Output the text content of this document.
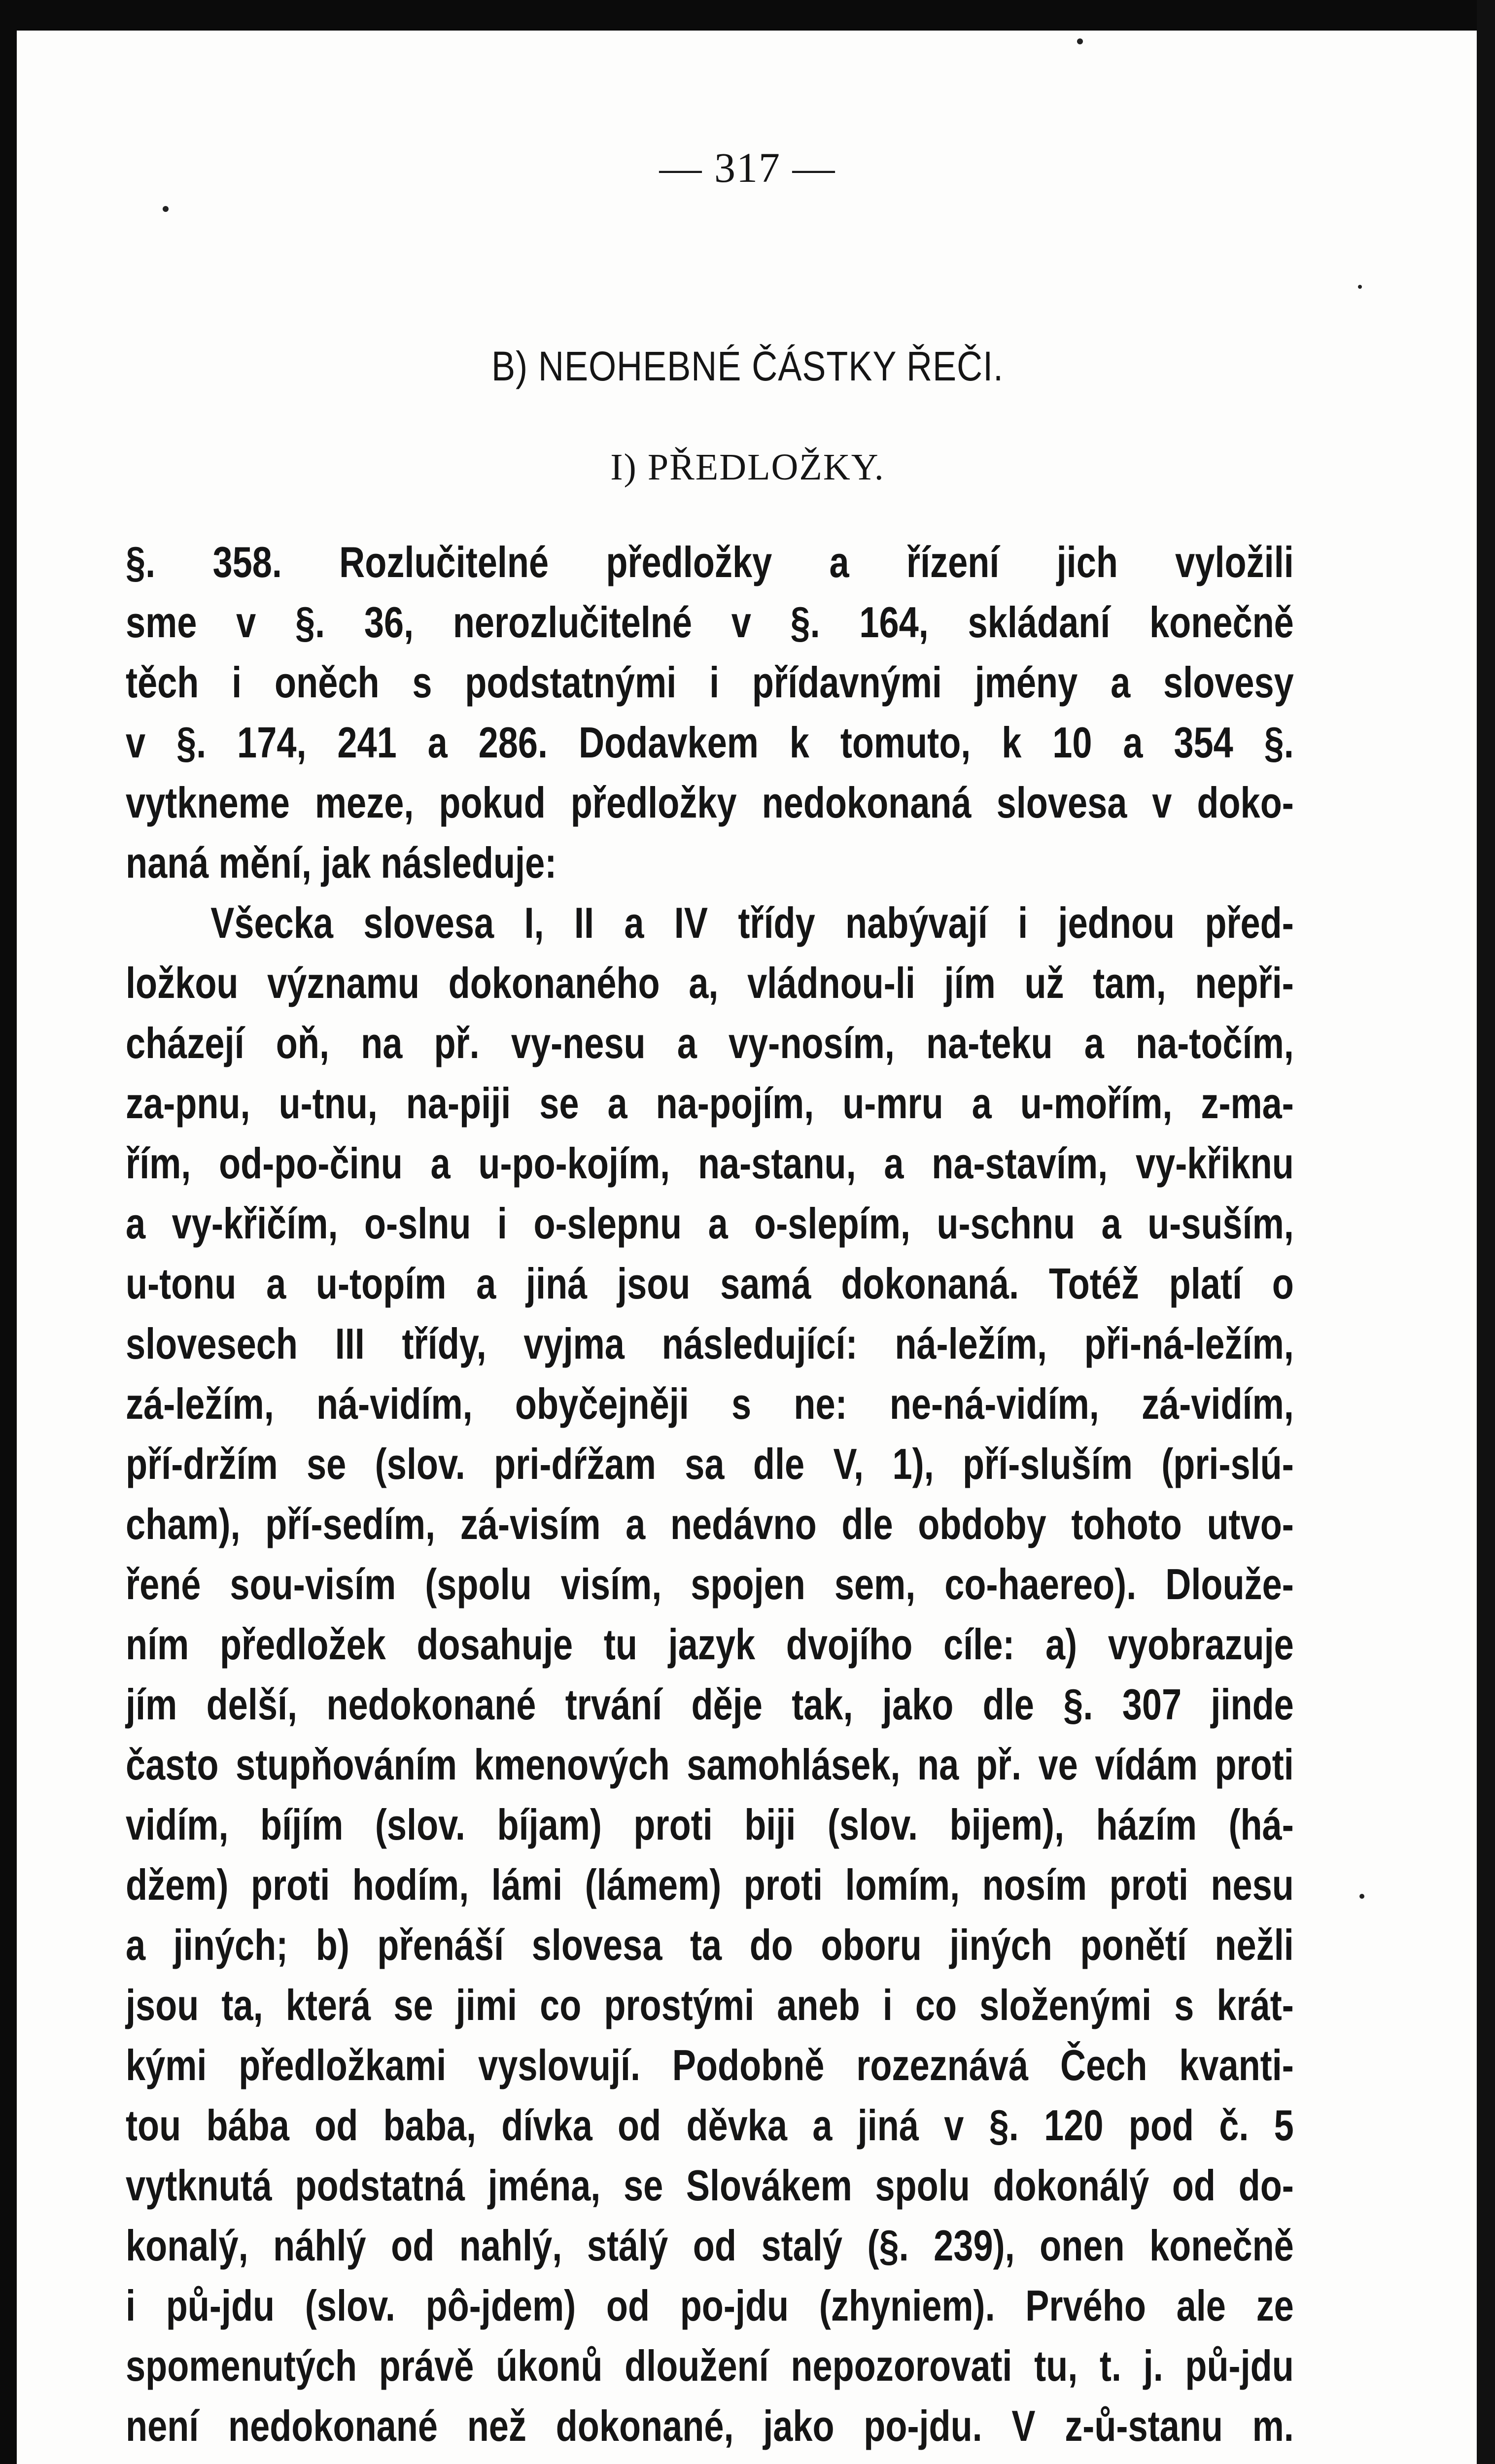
— 317 —
B) NEOHEBNÉ ČÁSTKY ŘEČI.
I) PŘEDLOŽKY.
§. 358. Rozlučitelné předložky a řízení jich vyložili
sme v §. 36, nerozlučitelné v §. 164, skládaní konečně
těch i oněch s podstatnými i přídavnými jmény a slovesy
v §. 174, 241 a 286. Dodavkem k tomuto, k 10 a 354 §.
vytkneme meze, pokud předložky nedokonaná slovesa v doko-
naná mění, jak následuje:
Všecka slovesa I, II a IV třídy nabývají i jednou před-
ložkou významu dokonaného a, vládnou-li jím už tam, nepři-
cházejí oň, na př. vy-nesu a vy-nosím, na-teku a na-točím,
za-pnu, u-tnu, na-piji se a na-pojím, u-mru a u-mořím, z-ma-
řím, od-po-činu a u-po-kojím, na-stanu, a na-stavím, vy-křiknu
a vy-křičím, o-slnu i o-slepnu a o-slepím, u-schnu a u-suším,
u-tonu a u-topím a jiná jsou samá dokonaná. Totéž platí o
slovesech III třídy, vyjma následující: ná-ležím, při-ná-ležím,
zá-ležím, ná-vidím, obyčejněji s ne: ne-ná-vidím, zá-vidím,
pří-držím se (slov. pri-dŕžam sa dle V, 1), pří-sluším (pri-slú-
cham), pří-sedím, zá-visím a nedávno dle obdoby tohoto utvo-
řené sou-visím (spolu visím, spojen sem, co-haereo). Dlouže-
ním předložek dosahuje tu jazyk dvojího cíle: a) vyobrazuje
jím delší, nedokonané trvání děje tak, jako dle §. 307 jinde
často stupňováním kmenových samohlásek, na př. ve vídám proti
vidím, bíjím (slov. bíjam) proti biji (slov. bijem), házím (há-
džem) proti hodím, lámi (lámem) proti lomím, nosím proti nesu
a jiných; b) přenáší slovesa ta do oboru jiných ponětí nežli
jsou ta, která se jimi co prostými aneb i co složenými s krát-
kými předložkami vyslovují. Podobně rozeznává Čech kvanti-
tou bába od baba, dívka od děvka a jiná v §. 120 pod č. 5
vytknutá podstatná jména, se Slovákem spolu dokonálý od do-
konalý, náhlý od nahlý, stálý od stalý (§. 239), onen konečně
i pů-jdu (slov. pô-jdem) od po-jdu (zhyniem). Prvého ale ze
spomenutých právě úkonů dloužení nepozorovati tu, t. j. pů-jdu
není nedokonané než dokonané, jako po-jdu. V z-ů-stanu m.
